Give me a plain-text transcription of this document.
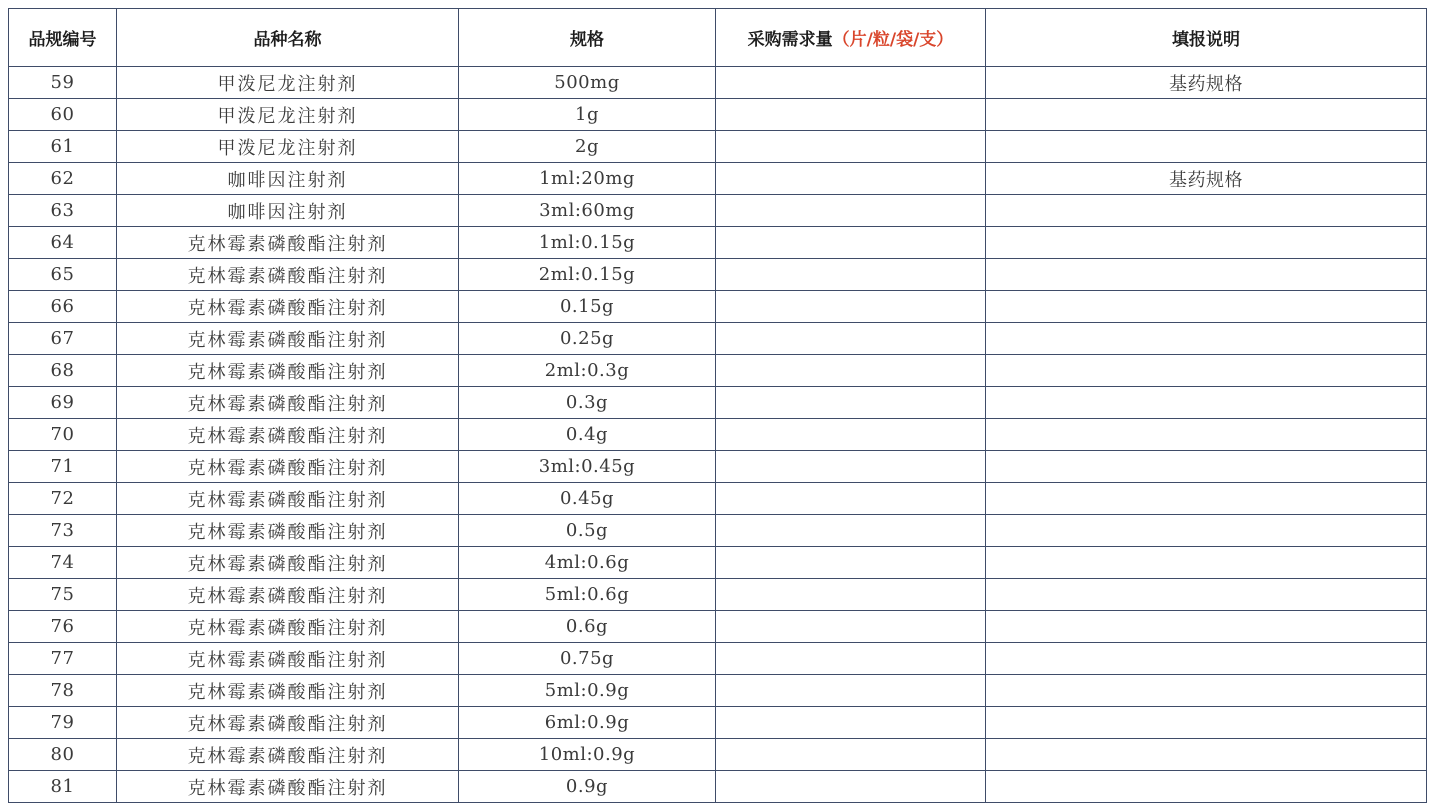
品规编号	品种名称	规格	采购需求量（片/粒/袋/支）	填报说明
59	甲泼尼龙注射剂	500mg		基药规格
60	甲泼尼龙注射剂	1g		
61	甲泼尼龙注射剂	2g		
62	咖啡因注射剂	1ml:20mg		基药规格
63	咖啡因注射剂	3ml:60mg		
64	克林霉素磷酸酯注射剂	1ml:0.15g		
65	克林霉素磷酸酯注射剂	2ml:0.15g		
66	克林霉素磷酸酯注射剂	0.15g		
67	克林霉素磷酸酯注射剂	0.25g		
68	克林霉素磷酸酯注射剂	2ml:0.3g		
69	克林霉素磷酸酯注射剂	0.3g		
70	克林霉素磷酸酯注射剂	0.4g		
71	克林霉素磷酸酯注射剂	3ml:0.45g		
72	克林霉素磷酸酯注射剂	0.45g		
73	克林霉素磷酸酯注射剂	0.5g		
74	克林霉素磷酸酯注射剂	4ml:0.6g		
75	克林霉素磷酸酯注射剂	5ml:0.6g		
76	克林霉素磷酸酯注射剂	0.6g		
77	克林霉素磷酸酯注射剂	0.75g		
78	克林霉素磷酸酯注射剂	5ml:0.9g		
79	克林霉素磷酸酯注射剂	6ml:0.9g		
80	克林霉素磷酸酯注射剂	10ml:0.9g		
81	克林霉素磷酸酯注射剂	0.9g		
